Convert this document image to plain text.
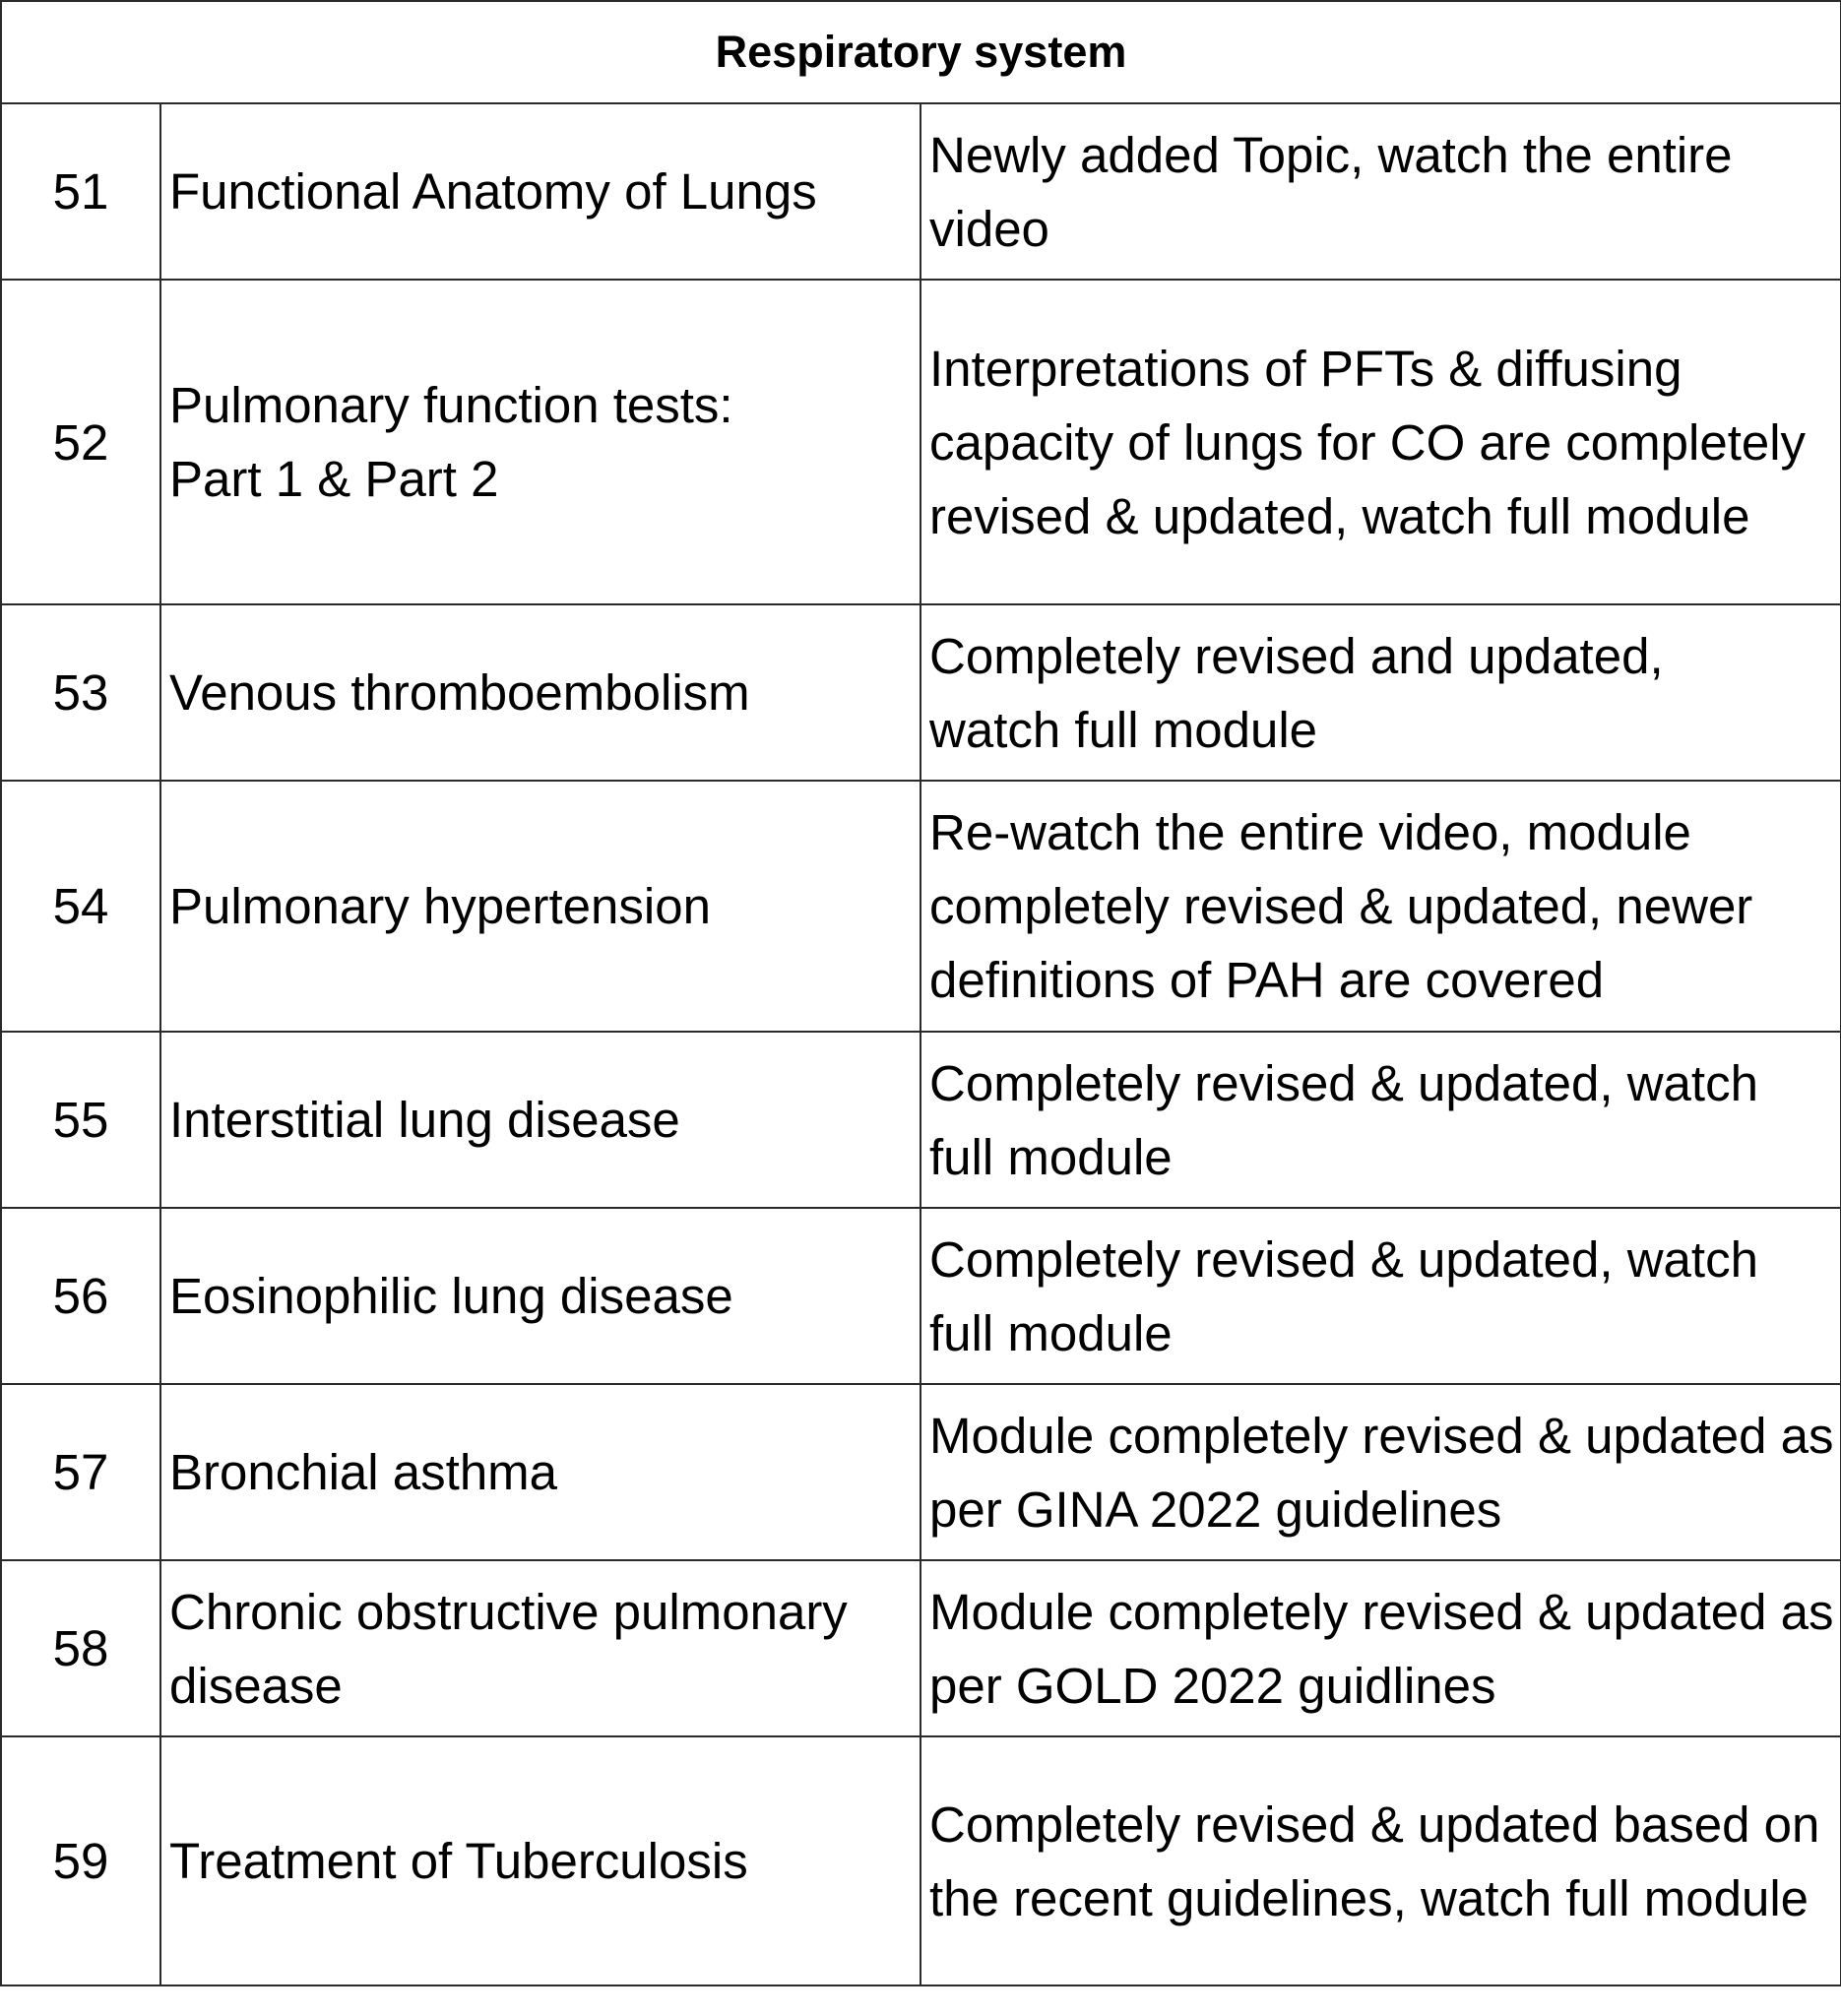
Respiratory system		
51	Functional Anatomy of Lungs	Newly added Topic, watch the entire video
52	Pulmonary function tests: Part 1 & Part 2	Interpretations of PFTs & diffusing capacity of lungs for CO are completely revised & updated, watch full module
53	Venous thromboembolism	Completely revised and updated, watch full module
54	Pulmonary hypertension	Re-watch the entire video, module completely revised & updated, newer definitions of PAH are covered
55	Interstitial lung disease	Completely revised & updated, watch full module
56	Eosinophilic lung disease	Completely revised & updated, watch full module
57	Bronchial asthma	Module completely revised & updated as per GINA 2022 guidelines
58	Chronic obstructive pulmonary disease	Module completely revised & updated as per GOLD 2022 guidlines
59	Treatment of Tuberculosis	Completely revised & updated based on the recent guidelines, watch full module
